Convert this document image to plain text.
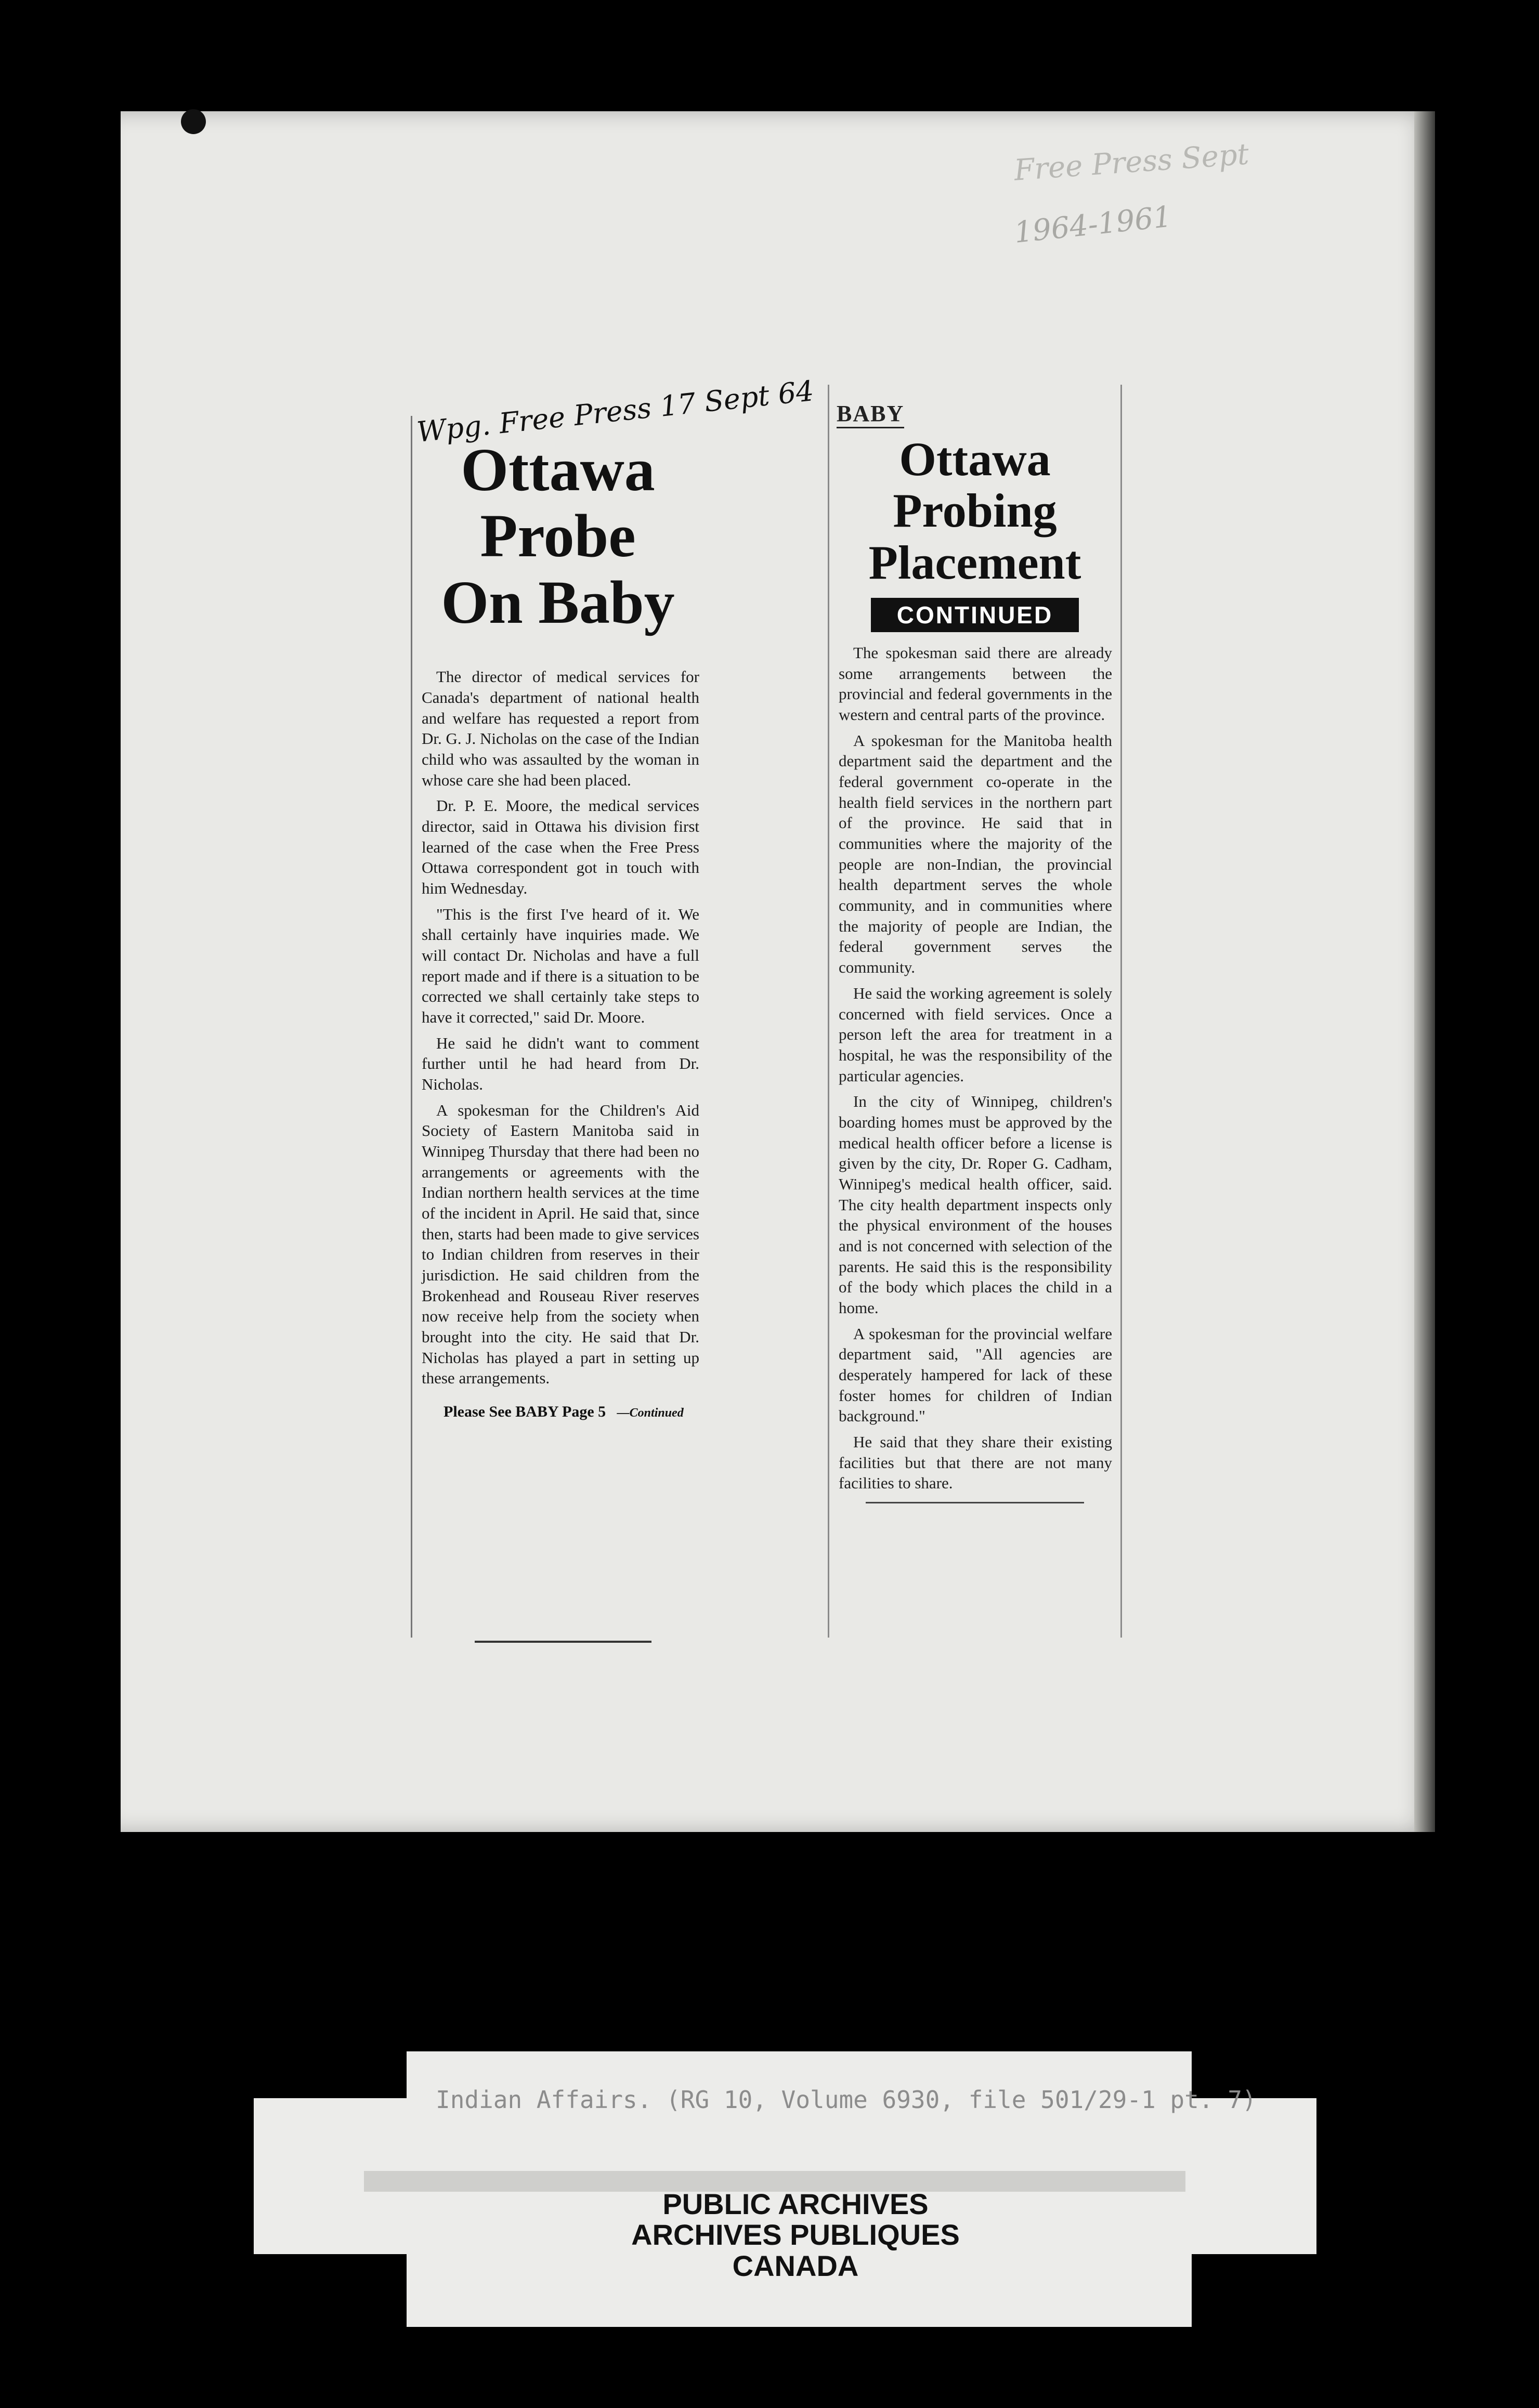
Free Press Sept
1964-1961
Wpg. Free Press 17 Sept 64
Ottawa
Probe
On Baby

The director of medical services for Canada's department of national health and welfare has requested a report from Dr. G. J. Nicholas on the case of the Indian child who was assaulted by the woman in whose care she had been placed.

Dr. P. E. Moore, the medical services director, said in Ottawa his division first learned of the case when the Free Press Ottawa correspondent got in touch with him Wednesday.

"This is the first I've heard of it. We shall certainly have inquiries made. We will contact Dr. Nicholas and have a full report made and if there is a situation to be corrected we shall certainly take steps to have it corrected," said Dr. Moore.

He said he didn't want to comment further until he had heard from Dr. Nicholas.

A spokesman for the Children's Aid Society of Eastern Manitoba said in Winnipeg Thursday that there had been no arrangements or agreements with the Indian northern health services at the time of the incident in April. He said that, since then, starts had been made to give services to Indian children from reserves in their jurisdiction. He said children from the Brokenhead and Rouseau River reserves now receive help from the society when brought into the city. He said that Dr. Nicholas has played a part in setting up these arrangements.

Please See BABY Page 5 —Continued
BABY
Ottawa
Probing
Placement
CONTINUED

The spokesman said there are already some arrangements between the provincial and federal governments in the western and central parts of the province.

A spokesman for the Manitoba health department said the department and the federal government co-operate in the health field services in the northern part of the province. He said that in communities where the majority of the people are non-Indian, the provincial health department serves the whole community, and in communities where the majority of people are Indian, the federal government serves the community.

He said the working agreement is solely concerned with field services. Once a person left the area for treatment in a hospital, he was the responsibility of the particular agencies.

In the city of Winnipeg, children's boarding homes must be approved by the medical health officer before a license is given by the city, Dr. Roper G. Cadham, Winnipeg's medical health officer, said. The city health department inspects only the physical environment of the houses and is not concerned with selection of the parents. He said this is the responsibility of the body which places the child in a home.

A spokesman for the provincial welfare department said, "All agencies are desperately hampered for lack of these foster homes for children of Indian background."

He said that they share their existing facilities but that there are not many facilities to share.

Indian Affairs. (RG 10, Volume 6930, file 501/29-1 pt. 7)
PUBLIC ARCHIVES
ARCHIVES PUBLIQUES
CANADA
